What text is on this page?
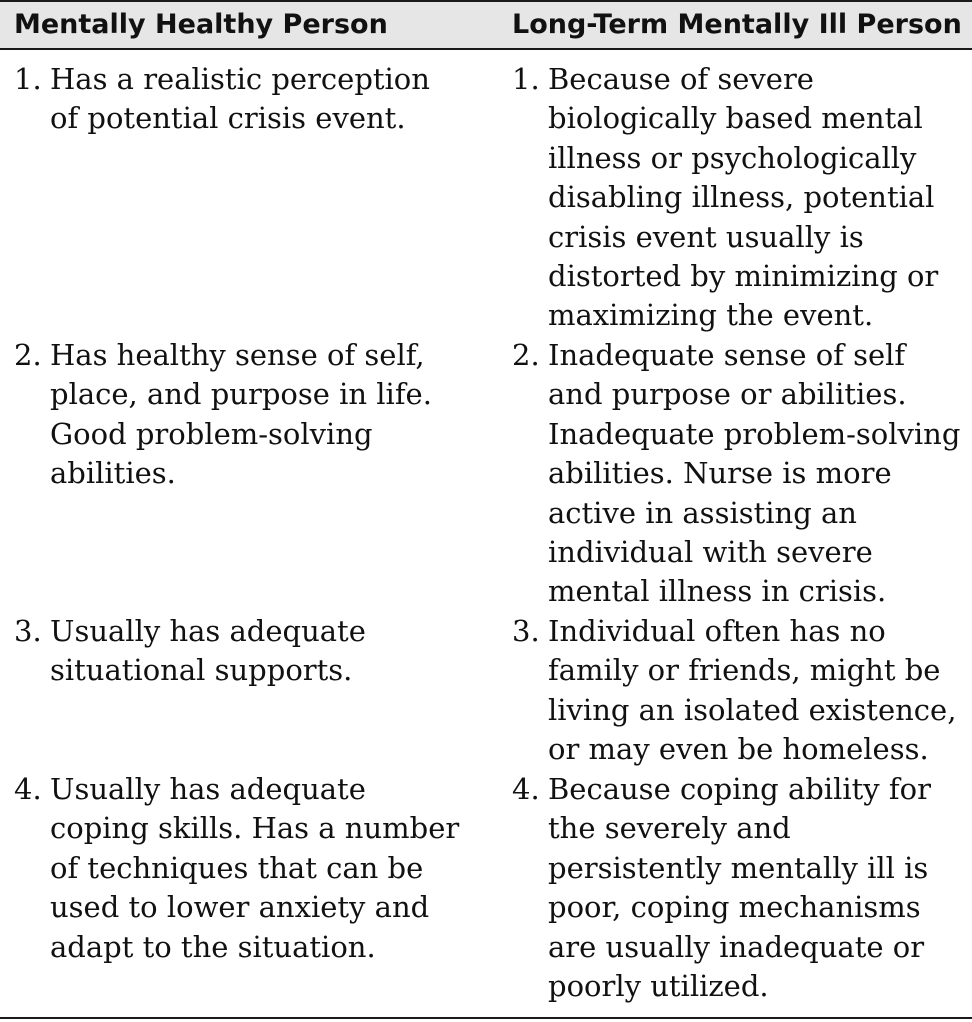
Mentally Healthy Person	Long-Term Mentally Ill Person
1. Has a realistic perception of potential crisis event.
1. Because of severe biologically based mental illness or psychologically disabling illness, potential crisis event usually is distorted by minimizing or maximizing the event.
2. Has healthy sense of self, place, and purpose in life. Good problem-solving abilities.
2. Inadequate sense of self and purpose or abilities. Inadequate problem-solving abilities. Nurse is more active in assisting an individual with severe mental illness in crisis.
3. Usually has adequate situational supports.
3. Individual often has no family or friends, might be living an isolated existence, or may even be homeless.
4. Usually has adequate coping skills. Has a number of techniques that can be used to lower anxiety and adapt to the situation.
4. Because coping ability for the severely and persistently mentally ill is poor, coping mechanisms are usually inadequate or poorly utilized.
